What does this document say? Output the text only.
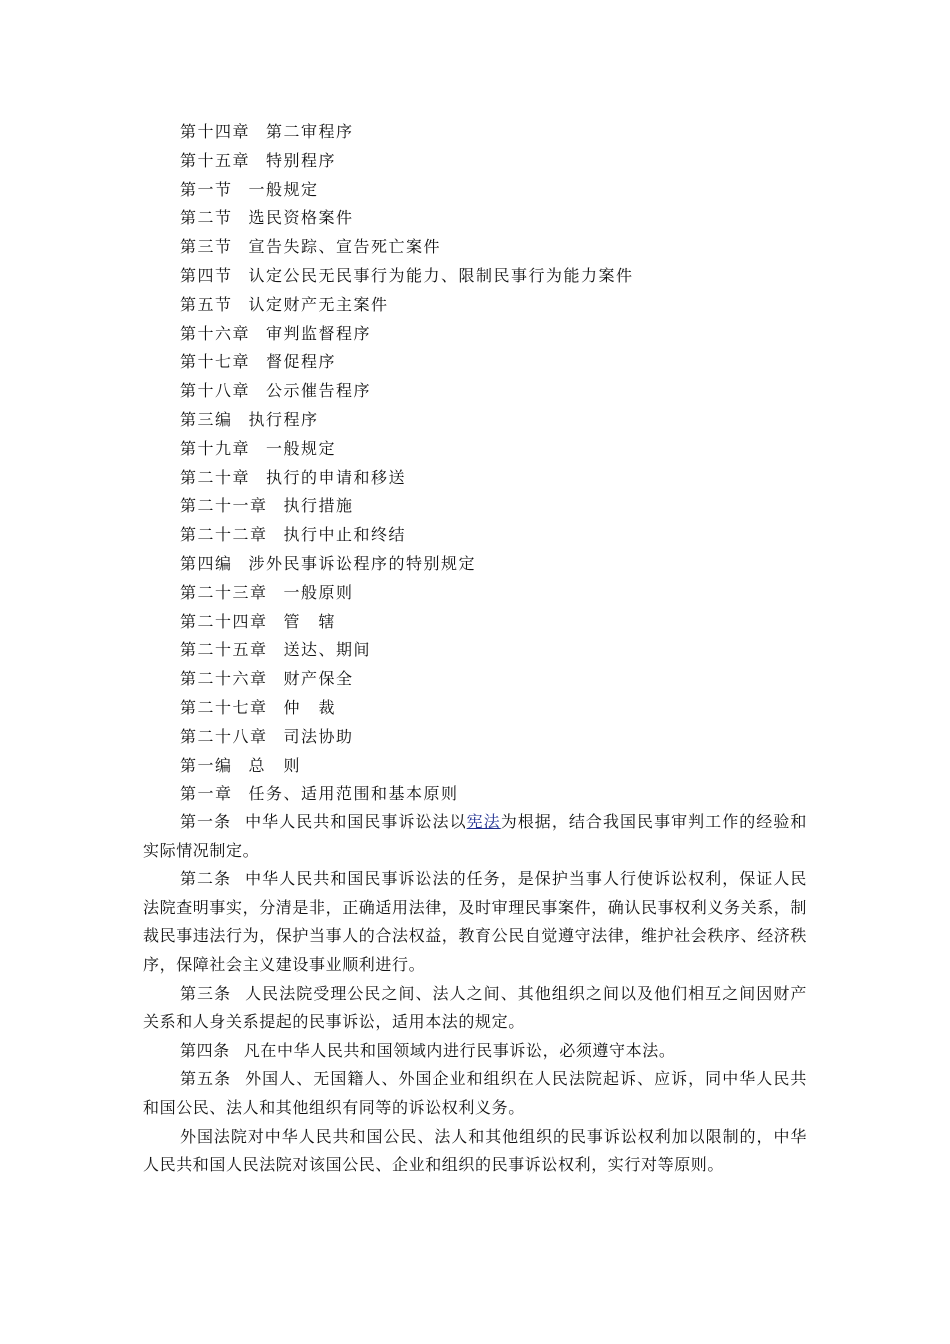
第十四章 第二审程序
第十五章 特别程序
第一节 一般规定
第二节 选民资格案件
第三节 宣告失踪、宣告死亡案件
第四节 认定公民无民事行为能力、限制民事行为能力案件
第五节 认定财产无主案件
第十六章 审判监督程序
第十七章 督促程序
第十八章 公示催告程序
第三编 执行程序
第十九章 一般规定
第二十章 执行的申请和移送
第二十一章 执行措施
第二十二章 执行中止和终结
第四编 涉外民事诉讼程序的特别规定
第二十三章 一般原则
第二十四章 管　辖
第二十五章 送达、期间
第二十六章 财产保全
第二十七章 仲　裁
第二十八章 司法协助
第一编 总　则
第一章 任务、适用范围和基本原则

第一条 中华人民共和国民事诉讼法以宪法为根据，结合我国民事审判工作的经验和实际情况制定。

第二条 中华人民共和国民事诉讼法的任务，是保护当事人行使诉讼权利，保证人民法院查明事实，分清是非，正确适用法律，及时审理民事案件，确认民事权利义务关系，制裁民事违法行为，保护当事人的合法权益，教育公民自觉遵守法律，维护社会秩序、经济秩序，保障社会主义建设事业顺利进行。

第三条 人民法院受理公民之间、法人之间、其他组织之间以及他们相互之间因财产关系和人身关系提起的民事诉讼，适用本法的规定。

第四条 凡在中华人民共和国领域内进行民事诉讼，必须遵守本法。

第五条 外国人、无国籍人、外国企业和组织在人民法院起诉、应诉，同中华人民共和国公民、法人和其他组织有同等的诉讼权利义务。

外国法院对中华人民共和国公民、法人和其他组织的民事诉讼权利加以限制的，中华人民共和国人民法院对该国公民、企业和组织的民事诉讼权利，实行对等原则。
